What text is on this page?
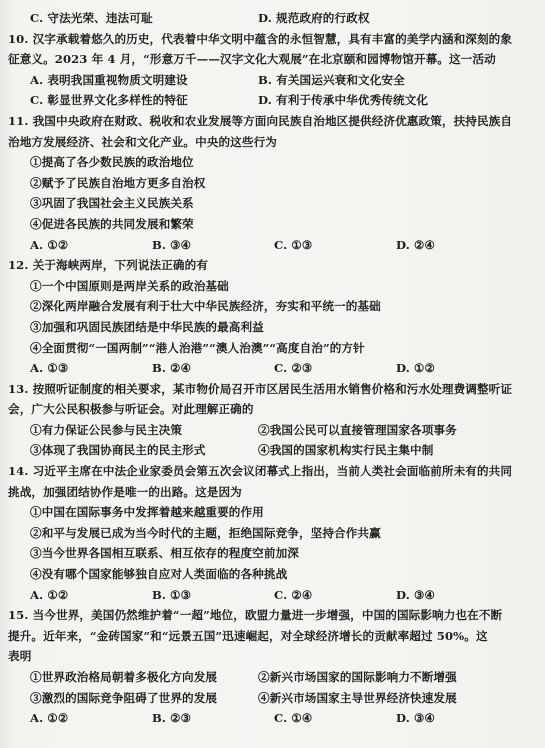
C. 守法光荣、违法可耻	D. 规范政府的行政权
10. 汉字承载着悠久的历史，代表着中华文明中蕴含的永恒智慧，具有丰富的美学内涵和深刻的象
征意义。2023 年 4 月，“形意万千——汉字文化大观展”在北京颐和园博物馆开幕。这一活动
A. 表明我国重视物质文明建设	B. 有关国运兴衰和文化安全
C. 彰显世界文化多样性的特征	D. 有利于传承中华优秀传统文化
11. 我国中央政府在财政、税收和农业发展等方面向民族自治地区提供经济优惠政策，扶持民族自
治地方发展经济、社会和文化产业。中央的这些行为
①提高了各少数民族的政治地位
②赋予了民族自治地方更多自治权
③巩固了我国社会主义民族关系
④促进各民族的共同发展和繁荣
A. ①②	B. ③④	C. ①③	D. ②④
12. 关于海峡两岸，下列说法正确的有
①一个中国原则是两岸关系的政治基础
②深化两岸融合发展有利于壮大中华民族经济，夯实和平统一的基础
③加强和巩固民族团结是中华民族的最高利益
④全面贯彻“一国两制”“港人治港”“澳人治澳”“高度自治”的方针
A. ①③	B. ②④	C. ②③	D. ①②
13. 按照听证制度的相关要求，某市物价局召开市区居民生活用水销售价格和污水处理费调整听证
会，广大公民积极参与听证会。对此理解正确的
①有力保证公民参与民主决策	②我国公民可以直接管理国家各项事务
③体现了我国协商民主的民主形式	④我国的国家机构实行民主集中制
14. 习近平主席在中法企业家委员会第五次会议闭幕式上指出，当前人类社会面临前所未有的共同
挑战，加强团结协作是唯一的出路。这是因为
①中国在国际事务中发挥着越来越重要的作用
②和平与发展已成为当今时代的主题，拒绝国际竞争，坚持合作共赢
③当今世界各国相互联系、相互依存的程度空前加深
④没有哪个国家能够独自应对人类面临的各种挑战
A. ①②	B. ①③	C. ②④	D. ③④
15. 当今世界，美国仍然维护着“一超”地位，欧盟力量进一步增强，中国的国际影响力也在不断
提升。近年来，“金砖国家”和“远景五国”迅速崛起，对全球经济增长的贡献率超过 50%。这
表明
①世界政治格局朝着多极化方向发展	②新兴市场国家的国际影响力不断增强
③激烈的国际竞争阻碍了世界的发展	④新兴市场国家主导世界经济快速发展
A. ①②	B. ②③	C. ①④	D. ③④
